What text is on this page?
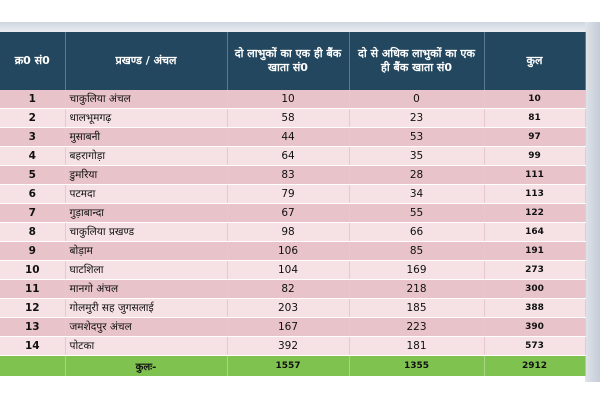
क्र0 सं0	प्रखण्ड / अंचल	दो लाभुकों का एक ही बैंक खाता सं0	दो से अधिक लाभुकों का एक ही बैंक खाता सं0	कुल
1	चाकुलिया अंचल	10	0	10
2	धालभूमगढ़	58	23	81
3	मुसाबनी	44	53	97
4	बहरागोड़ा	64	35	99
5	डुमरिया	83	28	111
6	पटमदा	79	34	113
7	गुड़ाबान्दा	67	55	122
8	चाकुलिया प्रखण्ड	98	66	164
9	बोड़ाम	106	85	191
10	घाटशिला	104	169	273
11	मानगो अंचल	82	218	300
12	गोलमुरी सह जुगसलाई	203	185	388
13	जमशेदपुर अंचल	167	223	390
14	पोटका	392	181	573
	कुलः-	1557	1355	2912
